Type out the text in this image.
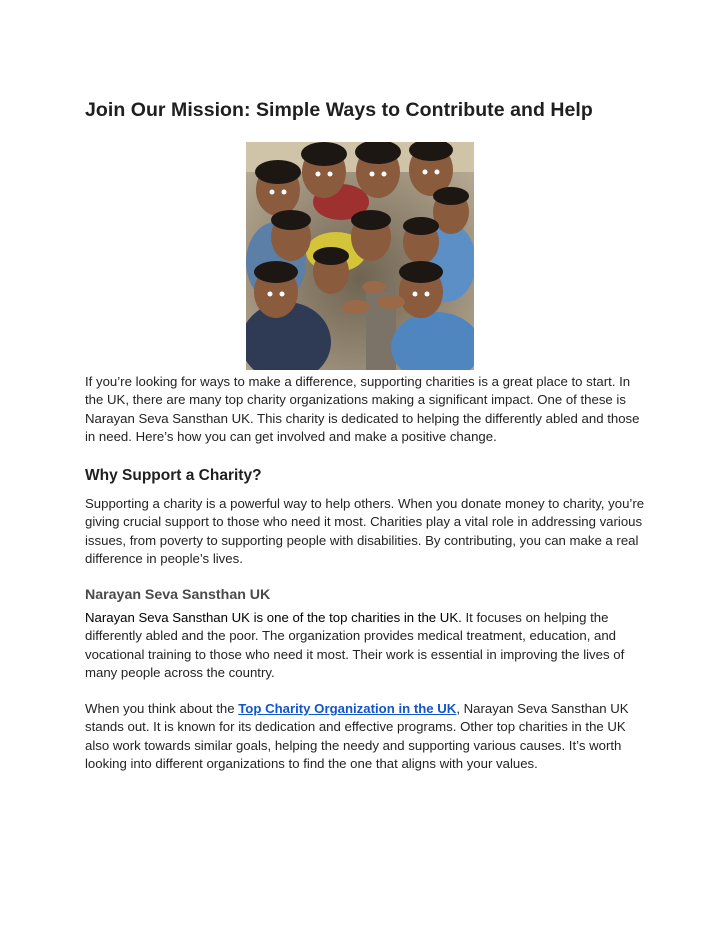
Join Our Mission: Simple Ways to Contribute and Help

If you’re looking for ways to make a difference, supporting charities is a great place to start. In the UK, there are many top charity organizations making a significant impact. One of these is Narayan Seva Sansthan UK. This charity is dedicated to helping the differently abled and those in need. Here’s how you can get involved and make a positive change.

Why Support a Charity?

Supporting a charity is a powerful way to help others. When you donate money to charity, you’re giving crucial support to those who need it most. Charities play a vital role in addressing various issues, from poverty to supporting people with disabilities. By contributing, you can make a real difference in people’s lives.

Narayan Seva Sansthan UK

Narayan Seva Sansthan UK is one of the top charities in the UK. It focuses on helping the differently abled and the poor. The organization provides medical treatment, education, and vocational training to those who need it most. Their work is essential in improving the lives of many people across the country.

When you think about the Top Charity Organization in the UK, Narayan Seva Sansthan UK stands out. It is known for its dedication and effective programs. Other top charities in the UK also work towards similar goals, helping the needy and supporting various causes. It’s worth looking into different organizations to find the one that aligns with your values.
